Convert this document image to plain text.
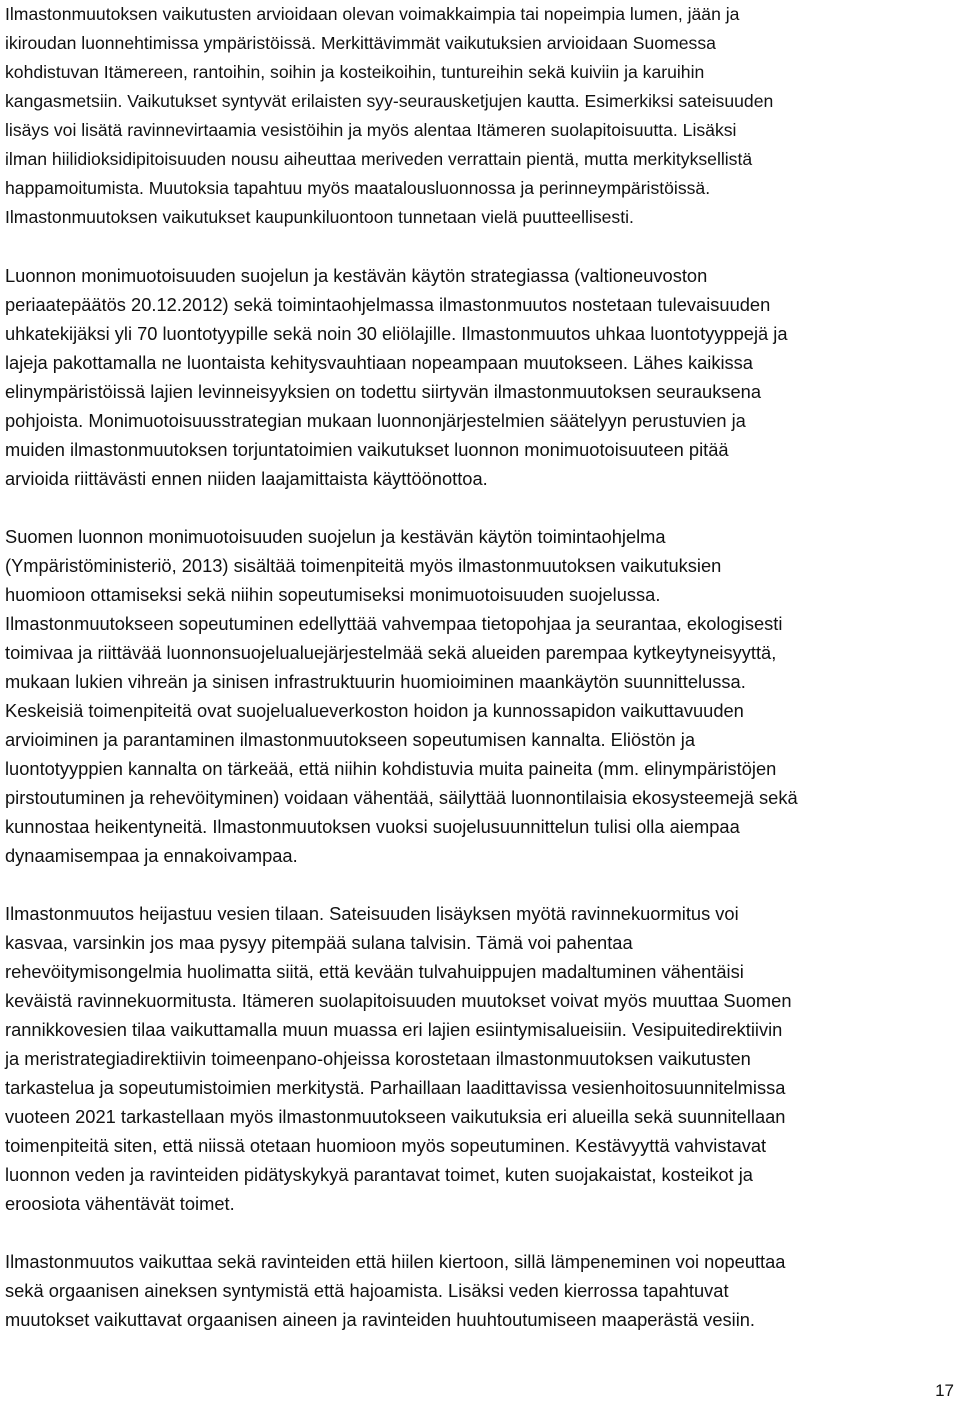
Ilmastonmuutoksen vaikutusten arvioidaan olevan voimakkaimpia tai nopeimpia lumen, jään ja
ikiroudan luonnehtimissa ympäristöissä. Merkittävimmät vaikutuksien arvioidaan Suomessa
kohdistuvan Itämereen, rantoihin, soihin ja kosteikoihin, tuntureihin sekä kuiviin ja karuihin
kangasmetsiin. Vaikutukset syntyvät erilaisten syy-seurausketjujen kautta. Esimerkiksi sateisuuden
lisäys voi lisätä ravinnevirtaamia vesistöihin ja myös alentaa Itämeren suolapitoisuutta. Lisäksi
ilman hiilidioksidipitoisuuden nousu aiheuttaa meriveden verrattain pientä, mutta merkityksellistä
happamoitumista. Muutoksia tapahtuu myös maatalousluonnossa ja perinneympäristöissä.
Ilmastonmuutoksen vaikutukset kaupunkiluontoon tunnetaan vielä puutteellisesti.

Luonnon monimuotoisuuden suojelun ja kestävän käytön strategiassa (valtioneuvoston
periaatepäätös 20.12.2012) sekä toimintaohjelmassa ilmastonmuutos nostetaan tulevaisuuden
uhkatekijäksi yli 70 luontotyypille sekä noin 30 eliölajille. Ilmastonmuutos uhkaa luontotyyppejä ja
lajeja pakottamalla ne luontaista kehitysvauhtiaan nopeampaan muutokseen. Lähes kaikissa
elinympäristöissä lajien levinneisyyksien on todettu siirtyvän ilmastonmuutoksen seurauksena
pohjoista. Monimuotoisuusstrategian mukaan luonnonjärjestelmien säätelyyn perustuvien ja
muiden ilmastonmuutoksen torjuntatoimien vaikutukset luonnon monimuotoisuuteen pitää
arvioida riittävästi ennen niiden laajamittaista käyttöönottoa.

Suomen luonnon monimuotoisuuden suojelun ja kestävän käytön toimintaohjelma
(Ympäristöministeriö, 2013) sisältää toimenpiteitä myös ilmastonmuutoksen vaikutuksien
huomioon ottamiseksi sekä niihin sopeutumiseksi monimuotoisuuden suojelussa.
Ilmastonmuutokseen sopeutuminen edellyttää vahvempaa tietopohjaa ja seurantaa, ekologisesti
toimivaa ja riittävää luonnonsuojelualuejärjestelmää sekä alueiden parempaa kytkeytyneisyyttä,
mukaan lukien vihreän ja sinisen infrastruktuurin huomioiminen maankäytön suunnittelussa.
Keskeisiä toimenpiteitä ovat suojelualueverkoston hoidon ja kunnossapidon vaikuttavuuden
arvioiminen ja parantaminen ilmastonmuutokseen sopeutumisen kannalta. Eliöstön ja
luontotyyppien kannalta on tärkeää, että niihin kohdistuvia muita paineita (mm. elinympäristöjen
pirstoutuminen ja rehevöityminen) voidaan vähentää, säilyttää luonnontilaisia ekosysteemejä sekä
kunnostaa heikentyneitä. Ilmastonmuutoksen vuoksi suojelusuunnittelun tulisi olla aiempaa
dynaamisempaa ja ennakoivampaa.

Ilmastonmuutos heijastuu vesien tilaan. Sateisuuden lisäyksen myötä ravinnekuormitus voi
kasvaa, varsinkin jos maa pysyy pitempää sulana talvisin. Tämä voi pahentaa
rehevöitymisongelmia huolimatta siitä, että kevään tulvahuippujen madaltuminen vähentäisi
keväistä ravinnekuormitusta. Itämeren suolapitoisuuden muutokset voivat myös muuttaa Suomen
rannikkovesien tilaa vaikuttamalla muun muassa eri lajien esiintymisalueisiin. Vesipuitedirektiivin
ja meristrategiadirektiivin toimeenpano-ohjeissa korostetaan ilmastonmuutoksen vaikutusten
tarkastelua ja sopeutumistoimien merkitystä. Parhaillaan laadittavissa vesienhoitosuunnitelmissa
vuoteen 2021 tarkastellaan myös ilmastonmuutokseen vaikutuksia eri alueilla sekä suunnitellaan
toimenpiteitä siten, että niissä otetaan huomioon myös sopeutuminen. Kestävyyttä vahvistavat
luonnon veden ja ravinteiden pidätyskykyä parantavat toimet, kuten suojakaistat, kosteikot ja
eroosiota vähentävät toimet.

Ilmastonmuutos vaikuttaa sekä ravinteiden että hiilen kiertoon, sillä lämpeneminen voi nopeuttaa
sekä orgaanisen aineksen syntymistä että hajoamista. Lisäksi veden kierrossa tapahtuvat
muutokset vaikuttavat orgaanisen aineen ja ravinteiden huuhtoutumiseen maaperästä vesiin.

17
